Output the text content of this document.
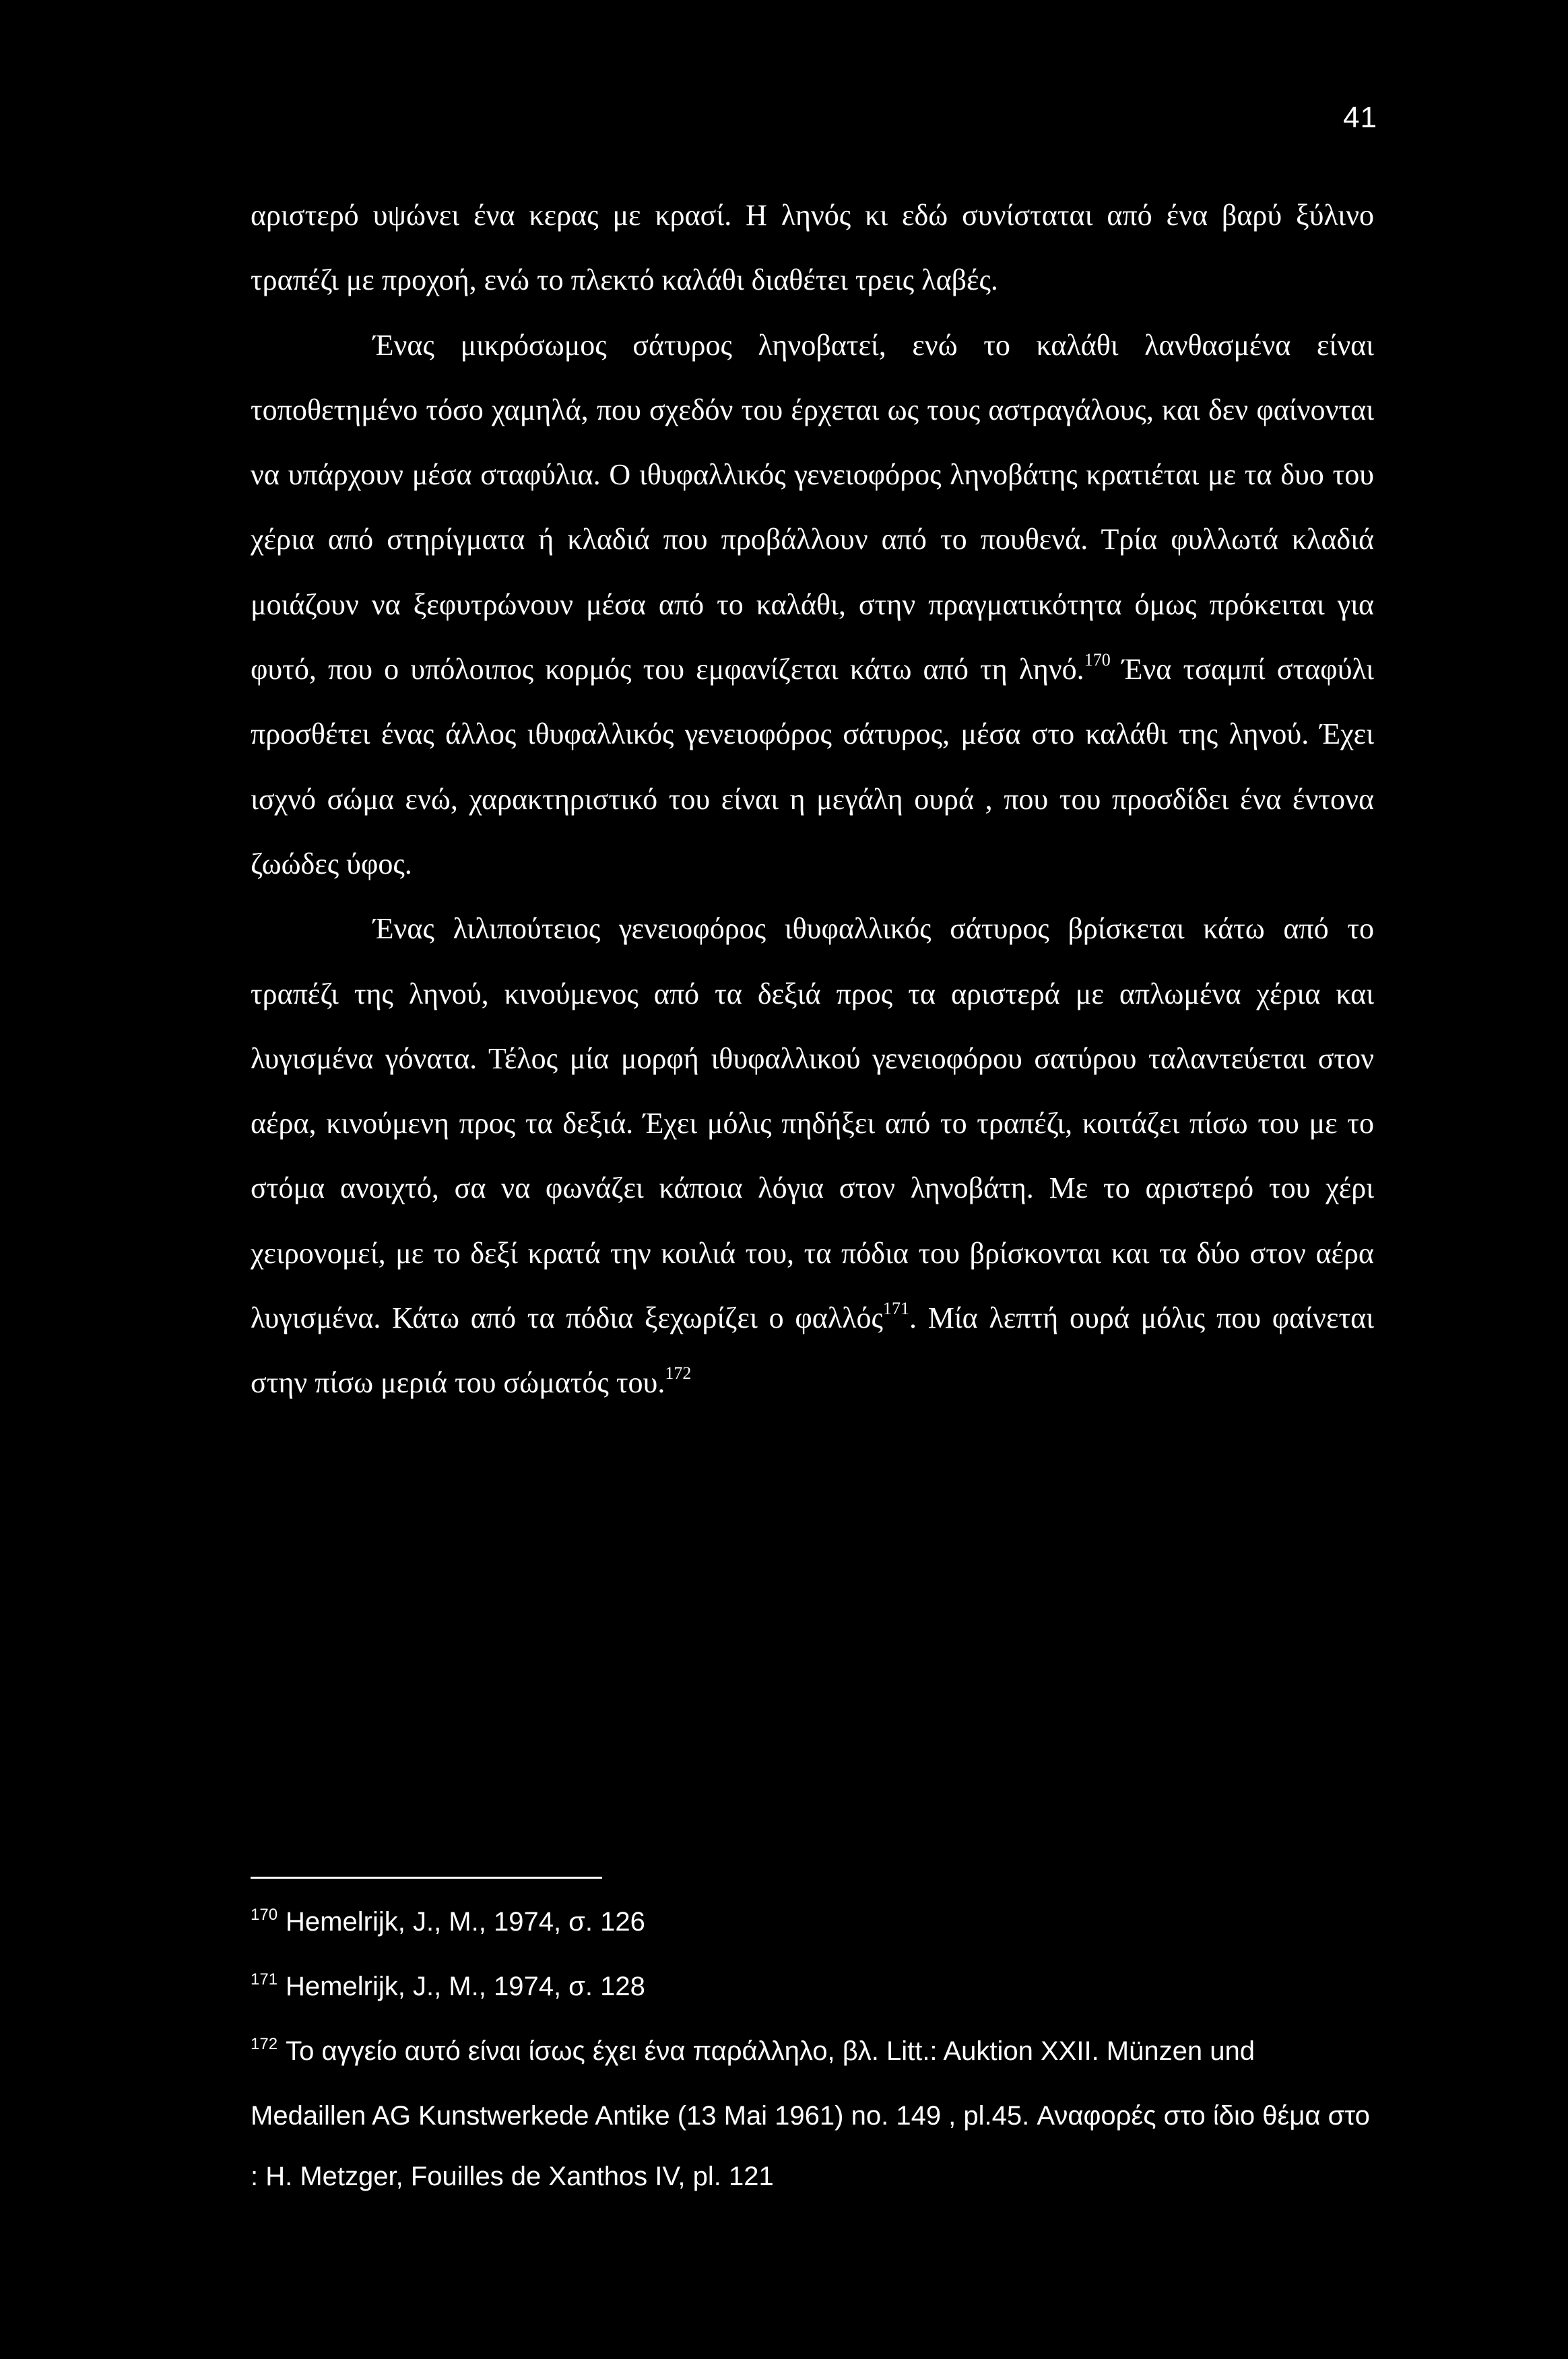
41

αριστερό υψώνει ένα κερας με κρασί. Η ληνός κι εδώ συνίσταται από ένα βαρύ ξύλινο τραπέζι με προχοή, ενώ το πλεκτό καλάθι διαθέτει τρεις λαβές.

Ένας μικρόσωμος σάτυρος ληνοβατεί, ενώ το καλάθι λανθασμένα είναι τοποθετημένο τόσο χαμηλά, που σχεδόν του έρχεται ως τους αστραγάλους, και δεν φαίνονται να υπάρχουν μέσα σταφύλια. Ο ιθυφαλλικός γενειοφόρος ληνοβάτης κρατιέται με τα δυο του χέρια από στηρίγματα ή κλαδιά που προβάλλουν από το πουθενά. Τρία φυλλωτά κλαδιά μοιάζουν να ξεφυτρώνουν μέσα από το καλάθι, στην πραγματικότητα όμως πρόκειται για φυτό, που ο υπόλοιπος κορμός του εμφανίζεται κάτω από τη ληνό.$^{170}$ Ένα τσαμπί σταφύλι προσθέτει ένας άλλος ιθυφαλλικός γενειοφόρος σάτυρος, μέσα στο καλάθι της ληνού. Έχει ισχνό σώμα ενώ, χαρακτηριστικό του είναι η μεγάλη ουρά , που του προσδίδει ένα έντονα ζωώδες ύφος.

Ένας λιλιπούτειος γενειοφόρος ιθυφαλλικός σάτυρος βρίσκεται κάτω από το τραπέζι της ληνού, κινούμενος από τα δεξιά προς τα αριστερά με απλωμένα χέρια και λυγισμένα γόνατα. Τέλος μία μορφή ιθυφαλλικού γενειοφόρου σατύρου ταλαντεύεται στον αέρα, κινούμενη προς τα δεξιά. Έχει μόλις πηδήξει από το τραπέζι, κοιτάζει πίσω του με το στόμα ανοιχτό, σα να φωνάζει κάποια λόγια στον ληνοβάτη. Με το αριστερό του χέρι χειρονομεί, με το δεξί κρατά την κοιλιά του, τα πόδια του βρίσκονται και τα δύο στον αέρα λυγισμένα. Κάτω από τα πόδια ξεχωρίζει ο φαλλός$^{171}$. Μία λεπτή ουρά μόλις που φαίνεται στην πίσω μεριά του σώματός του.$^{172}$

$^{170}$ Hemelrijk, J., M., 1974, σ. 126

$^{171}$ Hemelrijk, J., M., 1974, σ. 128

$^{172}$ Το αγγείο αυτό είναι ίσως έχει ένα παράλληλο, βλ. Litt.: Auktion XXII. Münzen und Medaillen AG Kunstwerkede Antike (13 Mai 1961) no. 149 , pl.45. Αναφορές στο ίδιο θέμα στο : H. Metzger, Fouilles de Xanthos IV, pl. 121
